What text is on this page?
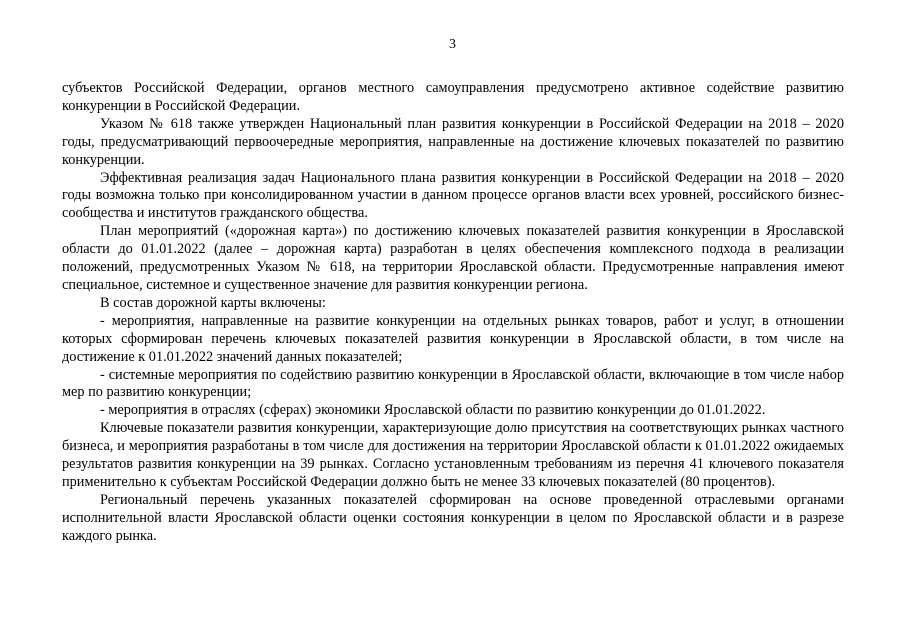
3

субъектов Российской Федерации, органов местного самоуправления предусмотрено активное содействие развитию конкуренции в Российской Федерации.

Указом № 618 также утвержден Национальный план развития конкуренции в Российской Федерации на 2018 – 2020 годы, предусматривающий первоочередные мероприятия, направленные на достижение ключевых показателей по развитию конкуренции.

Эффективная реализация задач Национального плана развития конкуренции в Российской Федерации на 2018 – 2020 годы возможна только при консолидированном участии в данном процессе органов власти всех уровней, российского бизнес-сообщества и институтов гражданского общества.

План мероприятий («дорожная карта») по достижению ключевых показателей развития конкуренции в Ярославской области до 01.01.2022 (далее – дорожная карта) разработан в целях обеспечения комплексного подхода в реализации положений, предусмотренных Указом № 618, на территории Ярославской области. Предусмотренные направления имеют специальное, системное и существенное значение для развития конкуренции региона.

В состав дорожной карты включены:

- мероприятия, направленные на развитие конкуренции на отдельных рынках товаров, работ и услуг, в отношении которых сформирован перечень ключевых показателей развития конкуренции в Ярославской области, в том числе на достижение к 01.01.2022 значений данных показателей;

- системные мероприятия по содействию развитию конкуренции в Ярославской области, включающие в том числе набор мер по развитию конкуренции;

- мероприятия в отраслях (сферах) экономики Ярославской области по развитию конкуренции до 01.01.2022.

Ключевые показатели развития конкуренции, характеризующие долю присутствия на соответствующих рынках частного бизнеса, и мероприятия разработаны в том числе для достижения на территории Ярославской области к 01.01.2022 ожидаемых результатов развития конкуренции на 39 рынках. Согласно установленным требованиям из перечня 41 ключевого показателя применительно к субъектам Российской Федерации должно быть не менее 33 ключевых показателей (80 процентов).

Региональный перечень указанных показателей сформирован на основе проведенной отраслевыми органами исполнительной власти Ярославской области оценки состояния конкуренции в целом по Ярославской области и в разрезе каждого рынка.
